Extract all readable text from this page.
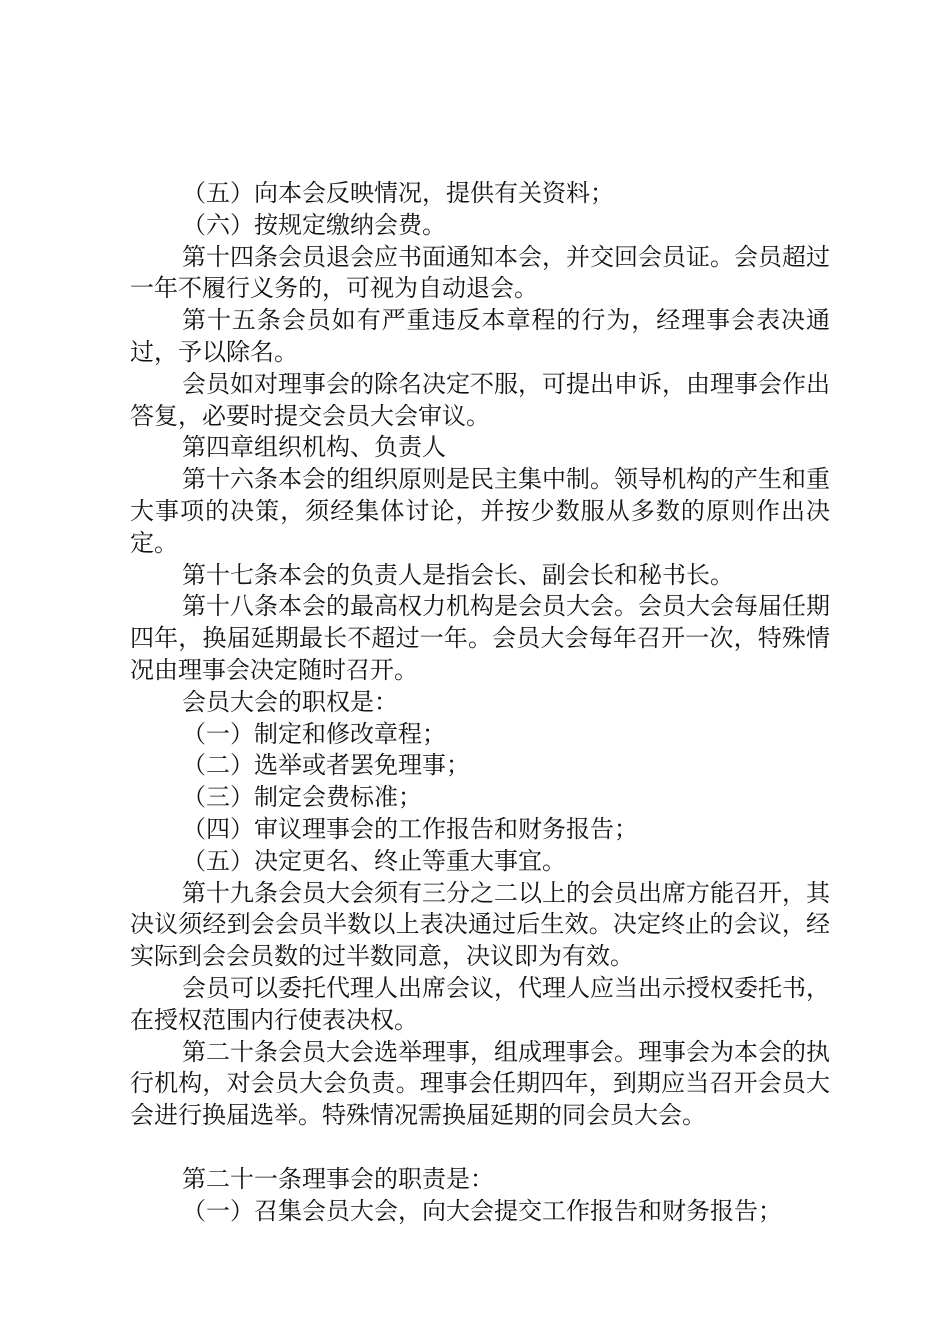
（五）向本会反映情况，提供有关资料；

（六）按规定缴纳会费。

第十四条会员退会应书面通知本会，并交回会员证。会员超过一年不履行义务的，可视为自动退会。

第十五条会员如有严重违反本章程的行为，经理事会表决通过，予以除名。

会员如对理事会的除名决定不服，可提出申诉，由理事会作出答复，必要时提交会员大会审议。

第四章组织机构、负责人

第十六条本会的组织原则是民主集中制。领导机构的产生和重大事项的决策，须经集体讨论，并按少数服从多数的原则作出决定。

第十七条本会的负责人是指会长、副会长和秘书长。

第十八条本会的最高权力机构是会员大会。会员大会每届任期四年，换届延期最长不超过一年。会员大会每年召开一次，特殊情况由理事会决定随时召开。

会员大会的职权是：

（一）制定和修改章程；

（二）选举或者罢免理事；

（三）制定会费标准；

（四）审议理事会的工作报告和财务报告；

（五）决定更名、终止等重大事宜。

第十九条会员大会须有三分之二以上的会员出席方能召开，其决议须经到会会员半数以上表决通过后生效。决定终止的会议，经实际到会会员数的过半数同意，决议即为有效。

会员可以委托代理人出席会议，代理人应当出示授权委托书，在授权范围内行使表决权。

第二十条会员大会选举理事，组成理事会。理事会为本会的执行机构，对会员大会负责。理事会任期四年，到期应当召开会员大会进行换届选举。特殊情况需换届延期的同会员大会。

第二十一条理事会的职责是：

（一）召集会员大会，向大会提交工作报告和财务报告；
